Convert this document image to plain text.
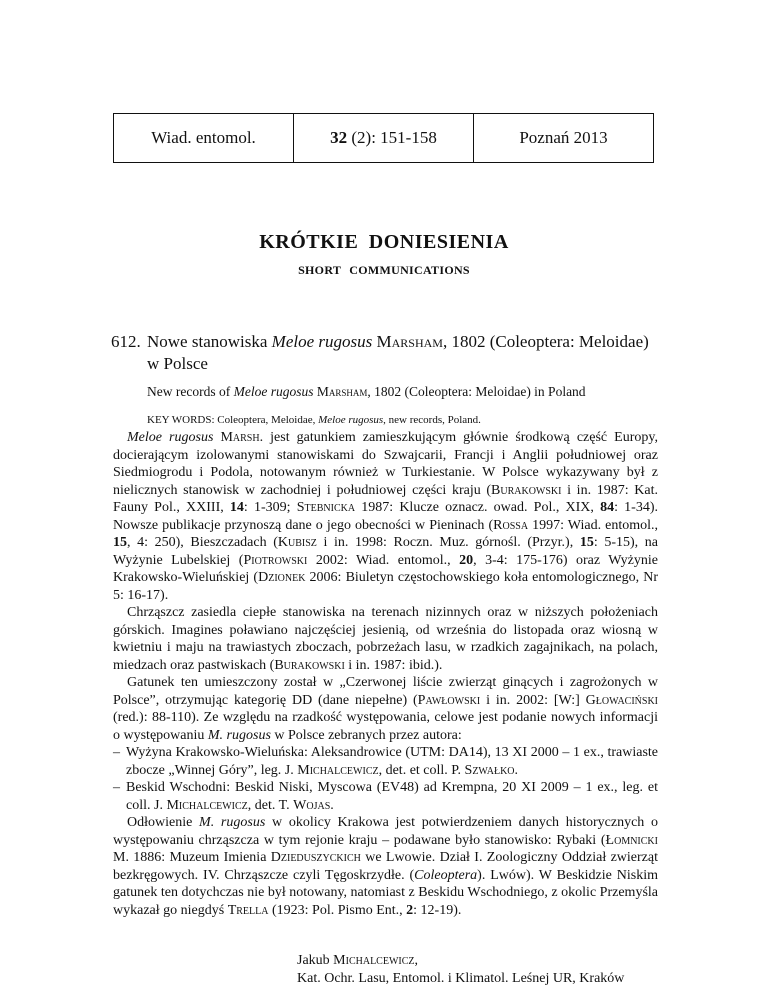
Wiad. entomol.	32
(2): 151-158	Poznań 2013
KRÓTKIE DONIESIENIA
SHORT COMMUNICATIONS
612. Nowe stanowiska Meloe rugosus Marsham, 1802 (Coleoptera: Meloidae) w Polsce
New records of Meloe rugosus Marsham, 1802 (Coleoptera: Meloidae) in Poland
KEY WORDS: Coleoptera, Meloidae, Meloe rugosus, new records, Poland.

Meloe rugosus Marsh. jest gatunkiem zamieszkującym głównie środkową część Europy, docierającym izolowanymi stanowiskami do Szwajcarii, Francji i Anglii południowej oraz Siedmiogrodu i Podola, notowanym również w Turkiestanie. W Polsce wykazywany był z nielicznych stanowisk w zachodniej i południowej części kraju (Burakowski i in. 1987: Kat. Fauny Pol., XXIII, 14: 1-309; Stebnicka 1987: Klucze oznacz. owad. Pol., XIX, 84: 1-34). Nowsze publikacje przynoszą dane o jego obecności w Pieninach (Rossa 1997: Wiad. entomol., 15, 4: 250), Bieszczadach (Kubisz i in. 1998: Roczn. Muz. górnośl. (Przyr.), 15: 5-15), na Wyżynie Lubelskiej (Piotrowski 2002: Wiad. entomol., 20, 3-4: 175-176) oraz Wyżynie Krakowsko-Wieluńskiej (Dzionek 2006: Biuletyn częstochowskiego koła entomologicznego, Nr 5: 16-17).

Chrząszcz zasiedla ciepłe stanowiska na terenach nizinnych oraz w niższych położeniach górskich. Imagines poławiano najczęściej jesienią, od września do listopada oraz wiosną w kwietniu i maju na trawiastych zboczach, pobrzeżach lasu, w rzadkich zagajnikach, na polach, miedzach oraz pastwiskach (Burakowski i in. 1987: ibid.).

Gatunek ten umieszczony został w „Czerwonej liście zwierząt ginących i zagrożonych w Polsce”, otrzymując kategorię DD (dane niepełne) (Pawłowski i in. 2002: [W:] Głowaciński (red.): 88-110). Ze względu na rzadkość występowania, celowe jest podanie nowych informacji o występowaniu M. rugosus w Polsce zebranych przez autora:

– Wyżyna Krakowsko-Wieluńska: Aleksandrowice (UTM: DA14), 13 XI 2000 – 1 ex., trawiaste zbocze „Winnej Góry”, leg. J. Michalcewicz, det. et coll. P. Szwałko.

– Beskid Wschodni: Beskid Niski, Myscowa (EV48) ad Krempna, 20 XI 2009 – 1 ex., leg. et coll. J. Michalcewicz, det. T. Wojas.

Odłowienie M. rugosus w okolicy Krakowa jest potwierdzeniem danych historycznych o występowaniu chrząszcza w tym rejonie kraju – podawane było stanowisko: Rybaki (Łomnicki M. 1886: Muzeum Imienia Dzieduszyckich we Lwowie. Dział I. Zoologiczny Oddział zwierząt bezkręgowych. IV. Chrząszcze czyli Tęgoskrzydłe. (Coleoptera). Lwów). W Beskidzie Niskim gatunek ten dotychczas nie był notowany, natomiast z Beskidu Wschodniego, z okolic Przemyśla wykazał go niegdyś Trella (1923: Pol. Pismo Ent., 2: 12-19).

Jakub Michalcewicz,
Kat. Ochr. Lasu, Entomol. i Klimatol. Leśnej UR, Kraków
